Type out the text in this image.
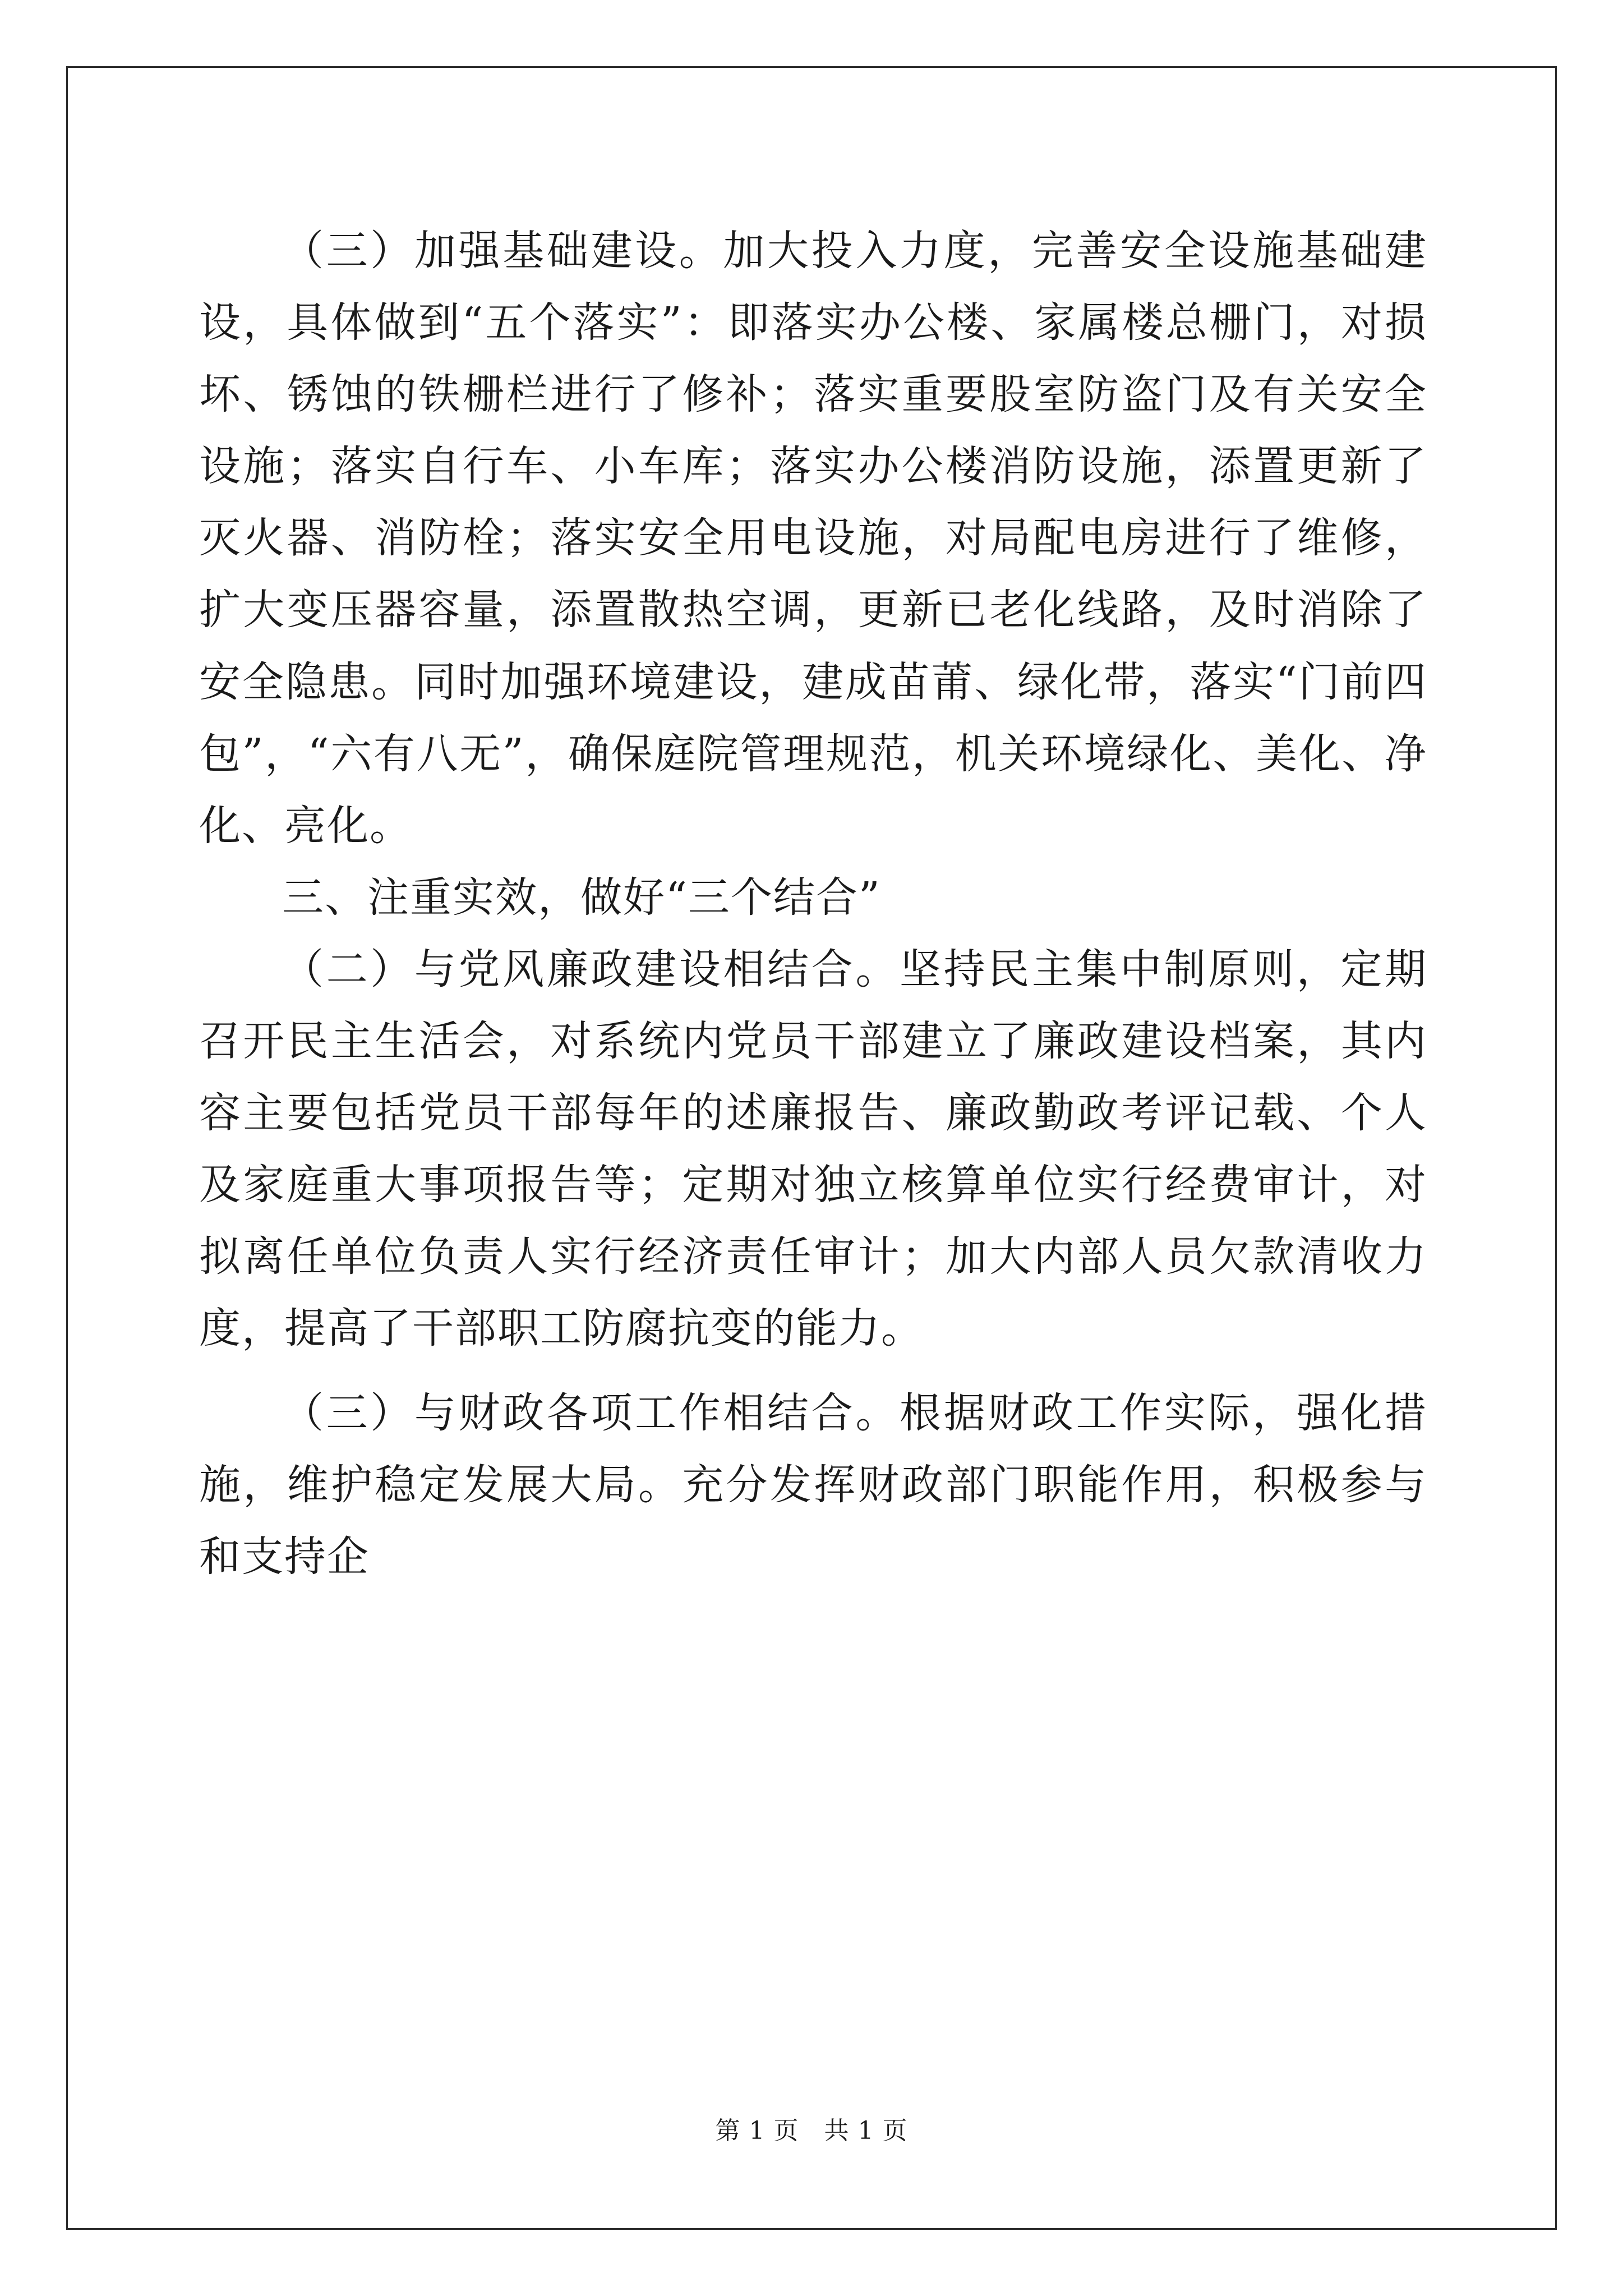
（三）加强基础建设。加大投入力度，完善安全设施基础建设，具体做到“五个落实”：即落实办公楼、家属楼总栅门，对损坏、锈蚀的铁栅栏进行了修补；落实重要股室防盗门及有关安全设施；落实自行车、小车库；落实办公楼消防设施，添置更新了灭火器、消防栓；落实安全用电设施，对局配电房进行了维修，扩大变压器容量，添置散热空调，更新已老化线路，及时消除了安全隐患。同时加强环境建设，建成苗莆、绿化带，落实“门前四包”，“六有八无”，确保庭院管理规范，机关环境绿化、美化、净化、亮化。

三、注重实效，做好“三个结合”

（二）与党风廉政建设相结合。坚持民主集中制原则，定期召开民主生活会，对系统内党员干部建立了廉政建设档案，其内容主要包括党员干部每年的述廉报告、廉政勤政考评记载、个人及家庭重大事项报告等；定期对独立核算单位实行经费审计，对拟离任单位负责人实行经济责任审计；加大内部人员欠款清收力度，提高了干部职工防腐抗变的能力。

（三）与财政各项工作相结合。根据财政工作实际，强化措施，维护稳定发展大局。充分发挥财政部门职能作用，积极参与和支持企

第 1 页　共 1 页
